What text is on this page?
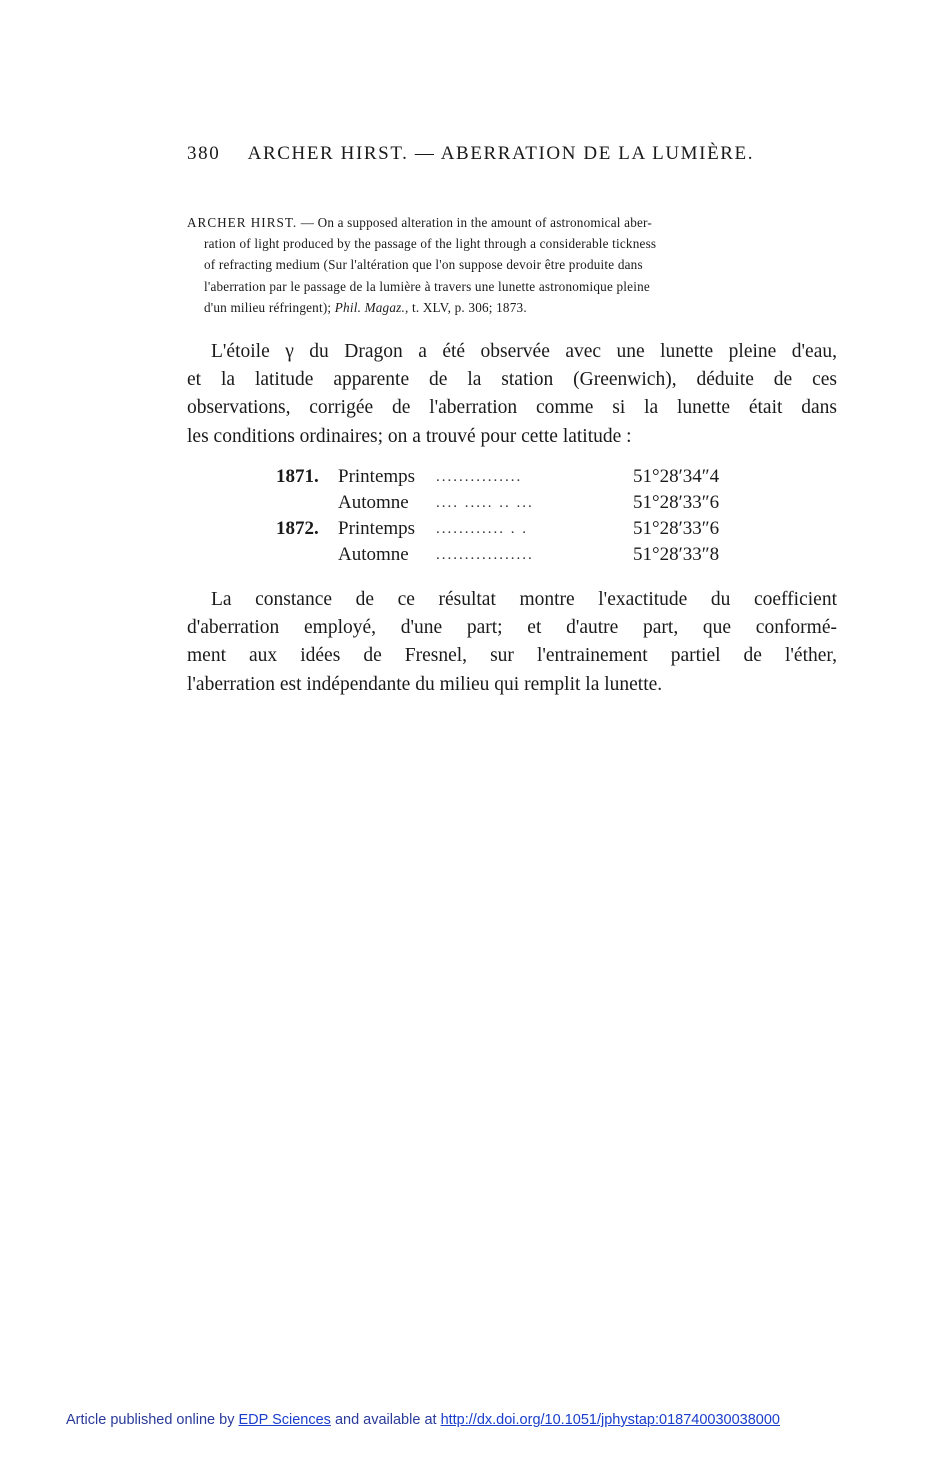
380 ARCHER HIRST. — ABERRATION DE LA LUMIÈRE.
ARCHER HIRST. — On a supposed alteration in the amount of astronomical aber-
ration of light produced by the passage of the light through a considerable tickness
of refracting medium (Sur l'altération que l'on suppose devoir être produite dans
l'aberration par le passage de la lumière à travers une lunette astronomique pleine
d'un milieu réfringent); Phil. Magaz., t. XLV, p. 306; 1873.
L'étoile γ du Dragon a été observée avec une lunette pleine d'eau,
et la latitude apparente de la station (Greenwich), déduite de ces
observations, corrigée de l'aberration comme si la lunette était dans
les conditions ordinaires; on a trouvé pour cette latitude :
1871. Printemps ...............	51°28′34″4
Automne .... ..... .. ...	51°28′33″6
1872. Printemps ............ . .	51°28′33″6
Automne .................	51°28′33″8
La constance de ce résultat montre l'exactitude du coefficient
d'aberration employé, d'une part; et d'autre part, que conformé-
ment aux idées de Fresnel, sur l'entrainement partiel de l'éther,
l'aberration est indépendante du milieu qui remplit la lunette.
Article published online by EDP Sciences and available at http://dx.doi.org/10.1051/jphystap:018740030038000
